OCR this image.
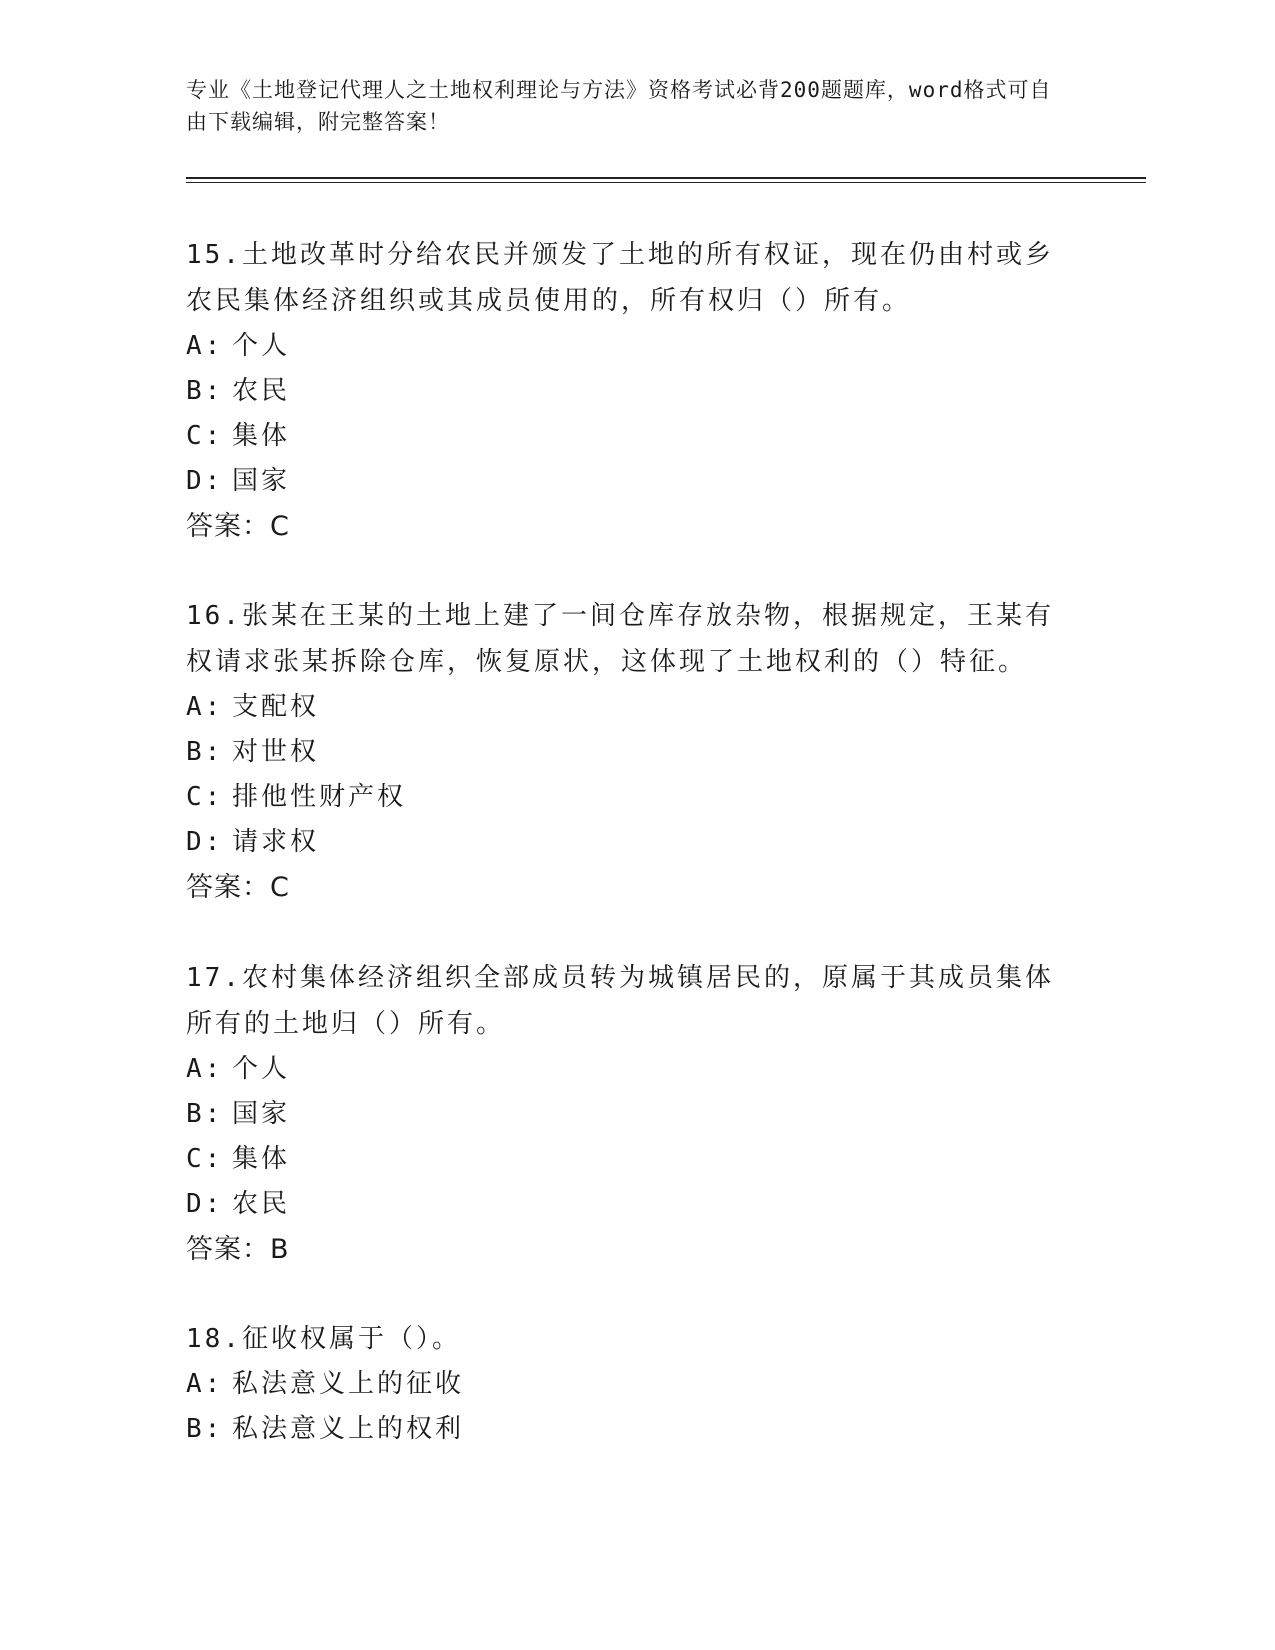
专业《土地登记代理人之土地权利理论与方法》资格考试必背200题题库，word格式可自由下载编辑，附完整答案！

15.土地改革时分给农民并颁发了土地的所有权证，现在仍由村或乡农民集体经济组织或其成员使用的，所有权归（）所有。

A: 个人

B: 农民

C: 集体

D: 国家

答案：C

16.张某在王某的土地上建了一间仓库存放杂物，根据规定，王某有权请求张某拆除仓库，恢复原状，这体现了土地权利的（）特征。

A: 支配权

B: 对世权

C: 排他性财产权

D: 请求权

答案：C

17.农村集体经济组织全部成员转为城镇居民的，原属于其成员集体所有的土地归（）所有。

A: 个人

B: 国家

C: 集体

D: 农民

答案：B

18.征收权属于（）。

A: 私法意义上的征收

B: 私法意义上的权利
